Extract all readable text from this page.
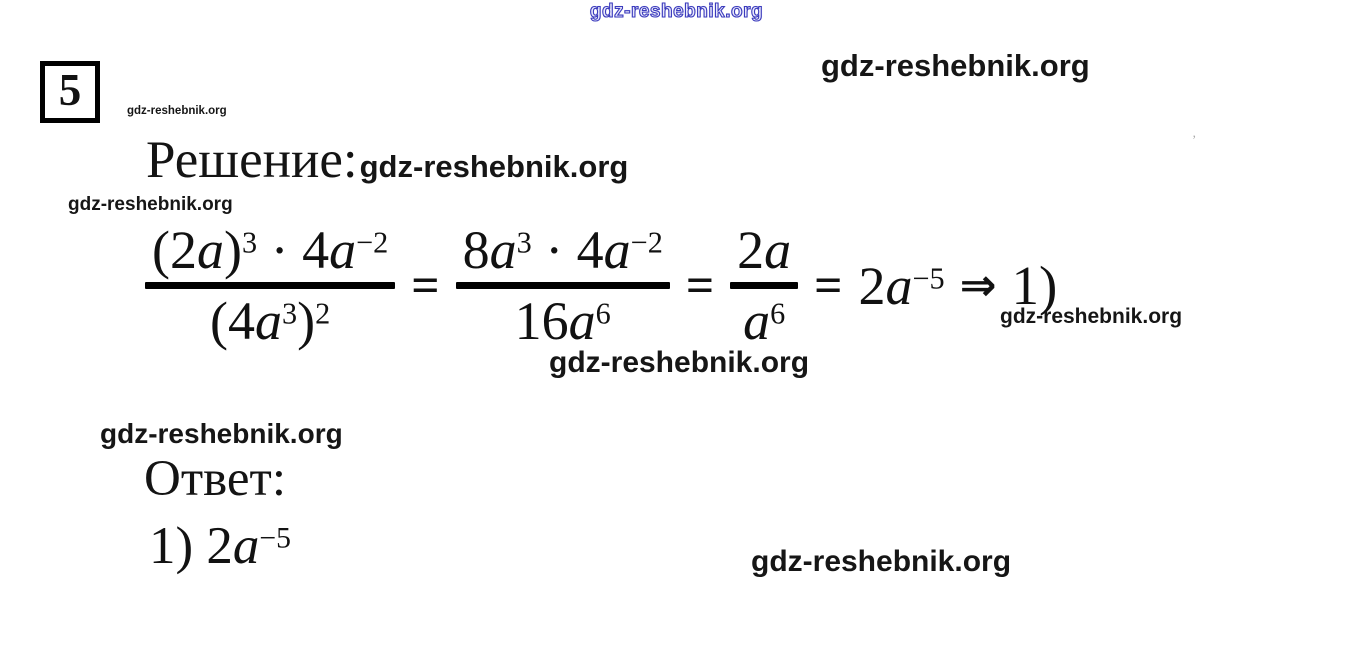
gdz-reshebnik.org
gdz-reshebnik.org
5	gdz-reshebnik.org
Решение: gdz-reshebnik.org
gdz-reshebnik.org
$(2a)^3 \cdot 4a^{-2}$
$(4a^3)^2$
=
$8a^3 \cdot 4a^{-2}$
$16a^6$
=
2a
$a^6$
= $2a^{-5}$ ⇒ 1)
gdz-reshebnik.org
gdz-reshebnik.org
gdz-reshebnik.org
Ответ:
1) $2a^{-5}$
gdz-reshebnik.org
’
